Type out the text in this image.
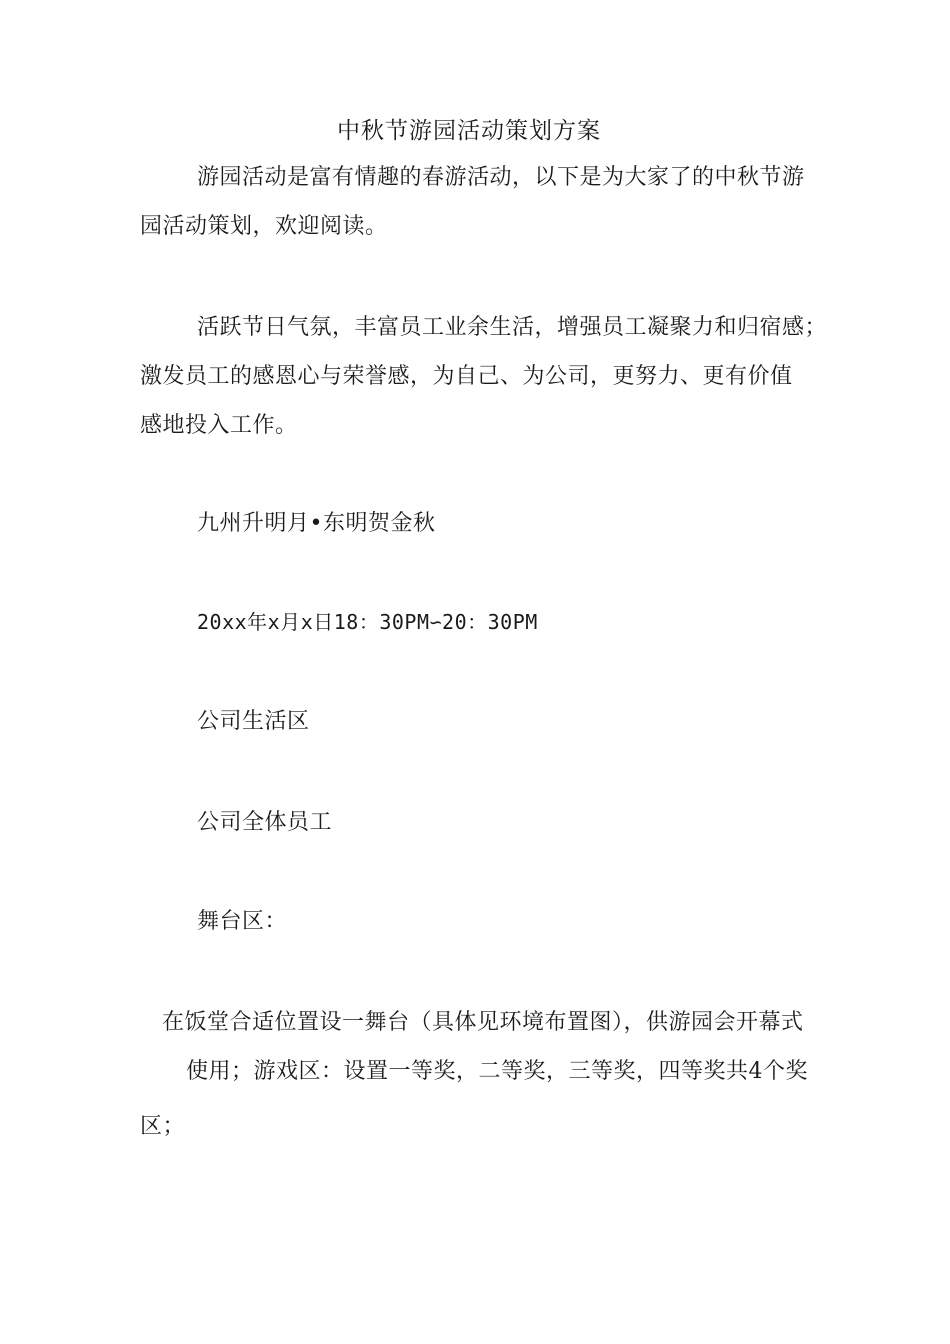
中秋节游园活动策划方案
游园活动是富有情趣的春游活动，以下是为大家了的中秋节游
园活动策划，欢迎阅读。
活跃节日气氛，丰富员工业余生活，增强员工凝聚力和归宿感；
激发员工的感恩心与荣誉感，为自己、为公司，更努力、更有价值
感地投入工作。
九州升明月•东明贺金秋
20xx年x月x日18：30PM∽20：30PM
公司生活区
公司全体员工
舞台区：
在饭堂合适位置设一舞台（具体见环境布置图），供游园会开幕式
使用；游戏区：设置一等奖，二等奖，三等奖，四等奖共4个奖
区；
